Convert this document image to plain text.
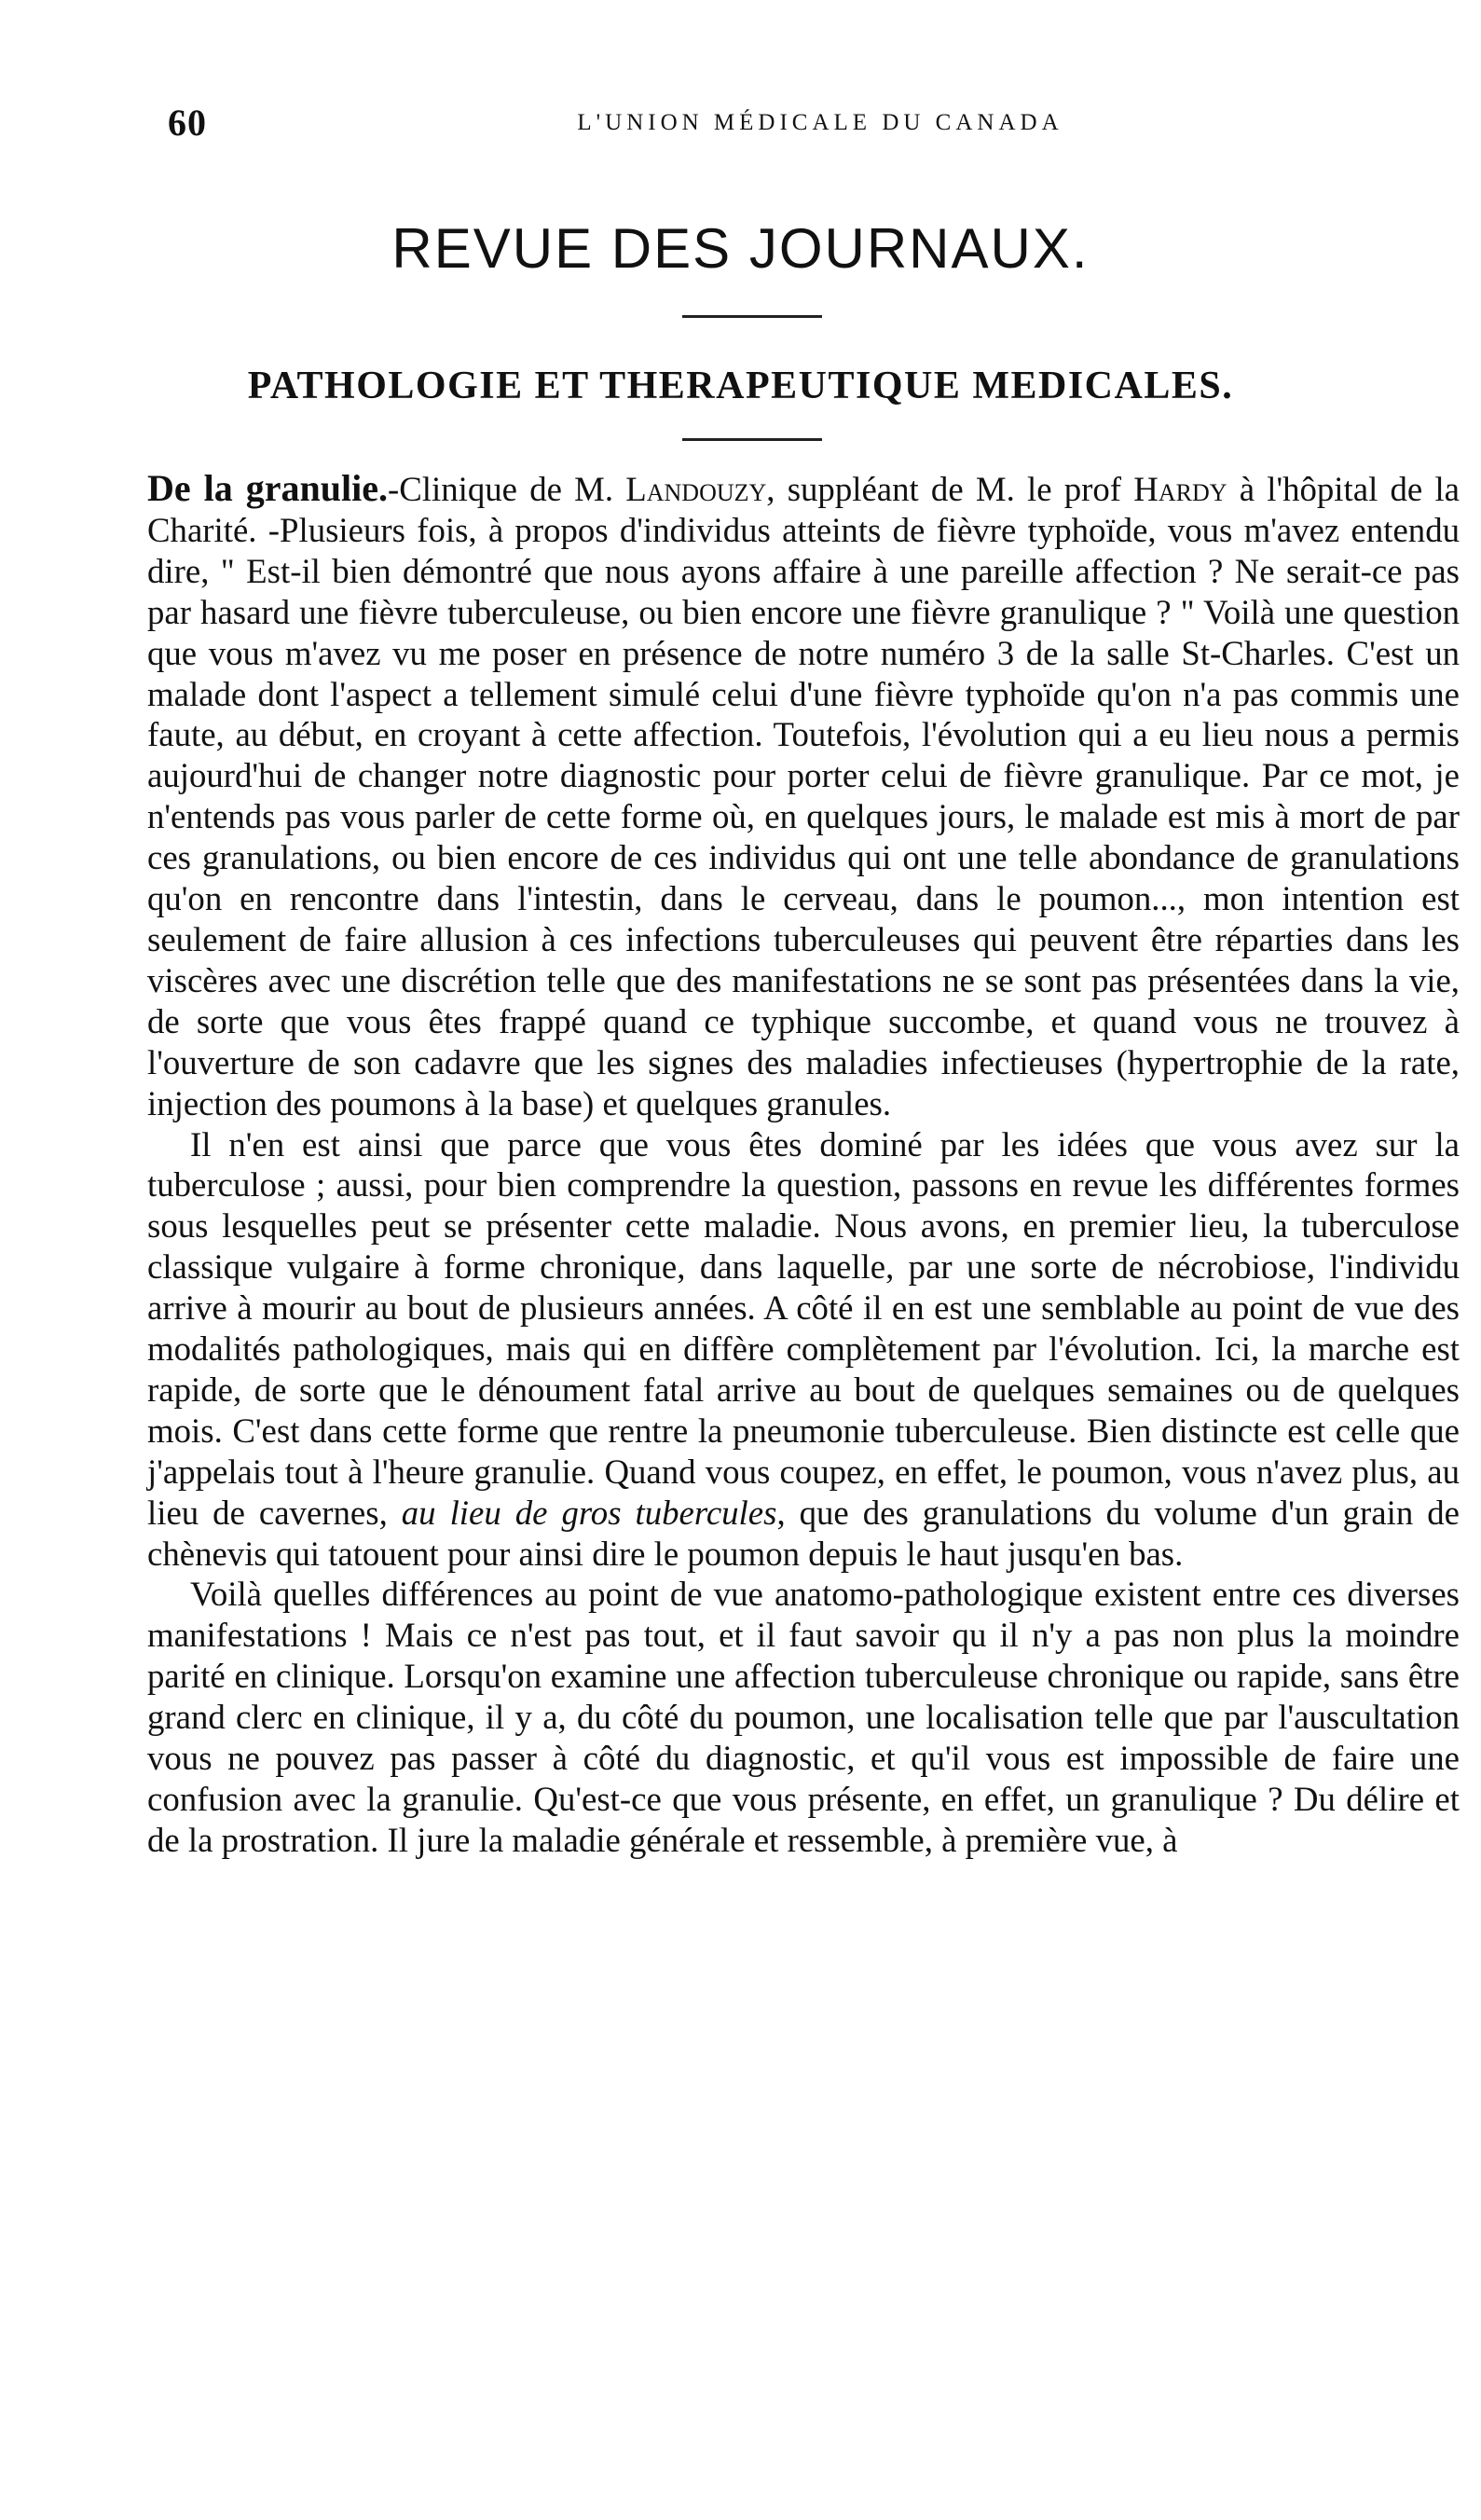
60	L'UNION MÉDICALE DU CANADA
REVUE DES JOURNAUX.
PATHOLOGIE ET THERAPEUTIQUE MEDICALES.

De la granulie.-Clinique de M. Landouzy, suppléant de M. le prof Hardy à l'hôpital de la Charité. -Plusieurs fois, à propos d'individus atteints de fièvre typhoïde, vous m'avez entendu dire, " Est-il bien démontré que nous ayons affaire à une pareille affection ? Ne serait-ce pas par hasard une fièvre tuberculeuse, ou bien encore une fièvre granulique ? " Voilà une question que vous m'avez vu me poser en présence de notre numéro 3 de la salle St-Charles. C'est un malade dont l'aspect a tellement simulé celui d'une fièvre typhoïde qu'on n'a pas commis une faute, au début, en croyant à cette affection. Toutefois, l'évolution qui a eu lieu nous a permis aujourd'hui de changer notre diagnostic pour porter celui de fièvre granulique. Par ce mot, je n'entends pas vous parler de cette forme où, en quelques jours, le malade est mis à mort de par ces granulations, ou bien encore de ces individus qui ont une telle abondance de granulations qu'on en rencontre dans l'intestin, dans le cerveau, dans le poumon..., mon intention est seulement de faire allusion à ces infections tuberculeuses qui peuvent être réparties dans les viscères avec une discrétion telle que des manifestations ne se sont pas présentées dans la vie, de sorte que vous êtes frappé quand ce typhique succombe, et quand vous ne trouvez à l'ouverture de son cadavre que les signes des maladies infectieuses (hypertrophie de la rate, injection des poumons à la base) et quelques granules.

Il n'en est ainsi que parce que vous êtes dominé par les idées que vous avez sur la tuberculose ; aussi, pour bien comprendre la question, passons en revue les différentes formes sous lesquelles peut se présenter cette maladie. Nous avons, en premier lieu, la tuberculose classique vulgaire à forme chronique, dans laquelle, par une sorte de nécrobiose, l'individu arrive à mourir au bout de plusieurs années. A côté il en est une semblable au point de vue des modalités pathologiques, mais qui en diffère complètement par l'évolution. Ici, la marche est rapide, de sorte que le dénoument fatal arrive au bout de quelques semaines ou de quelques mois. C'est dans cette forme que rentre la pneumonie tuberculeuse. Bien distincte est celle que j'appelais tout à l'heure granulie. Quand vous coupez, en effet, le poumon, vous n'avez plus, au lieu de cavernes, au lieu de gros tubercules, que des granulations du volume d'un grain de chènevis qui tatouent pour ainsi dire le poumon depuis le haut jusqu'en bas.

Voilà quelles différences au point de vue anatomo-pathologique existent entre ces diverses manifestations ! Mais ce n'est pas tout, et il faut savoir qu il n'y a pas non plus la moindre parité en clinique. Lorsqu'on examine une affection tuberculeuse chronique ou rapide, sans être grand clerc en clinique, il y a, du côté du poumon, une localisation telle que par l'auscultation vous ne pouvez pas passer à côté du diagnostic, et qu'il vous est impossible de faire une confusion avec la granulie. Qu'est-ce que vous présente, en effet, un granulique ? Du délire et de la prostration. Il jure la maladie générale et ressemble, à première vue, à
